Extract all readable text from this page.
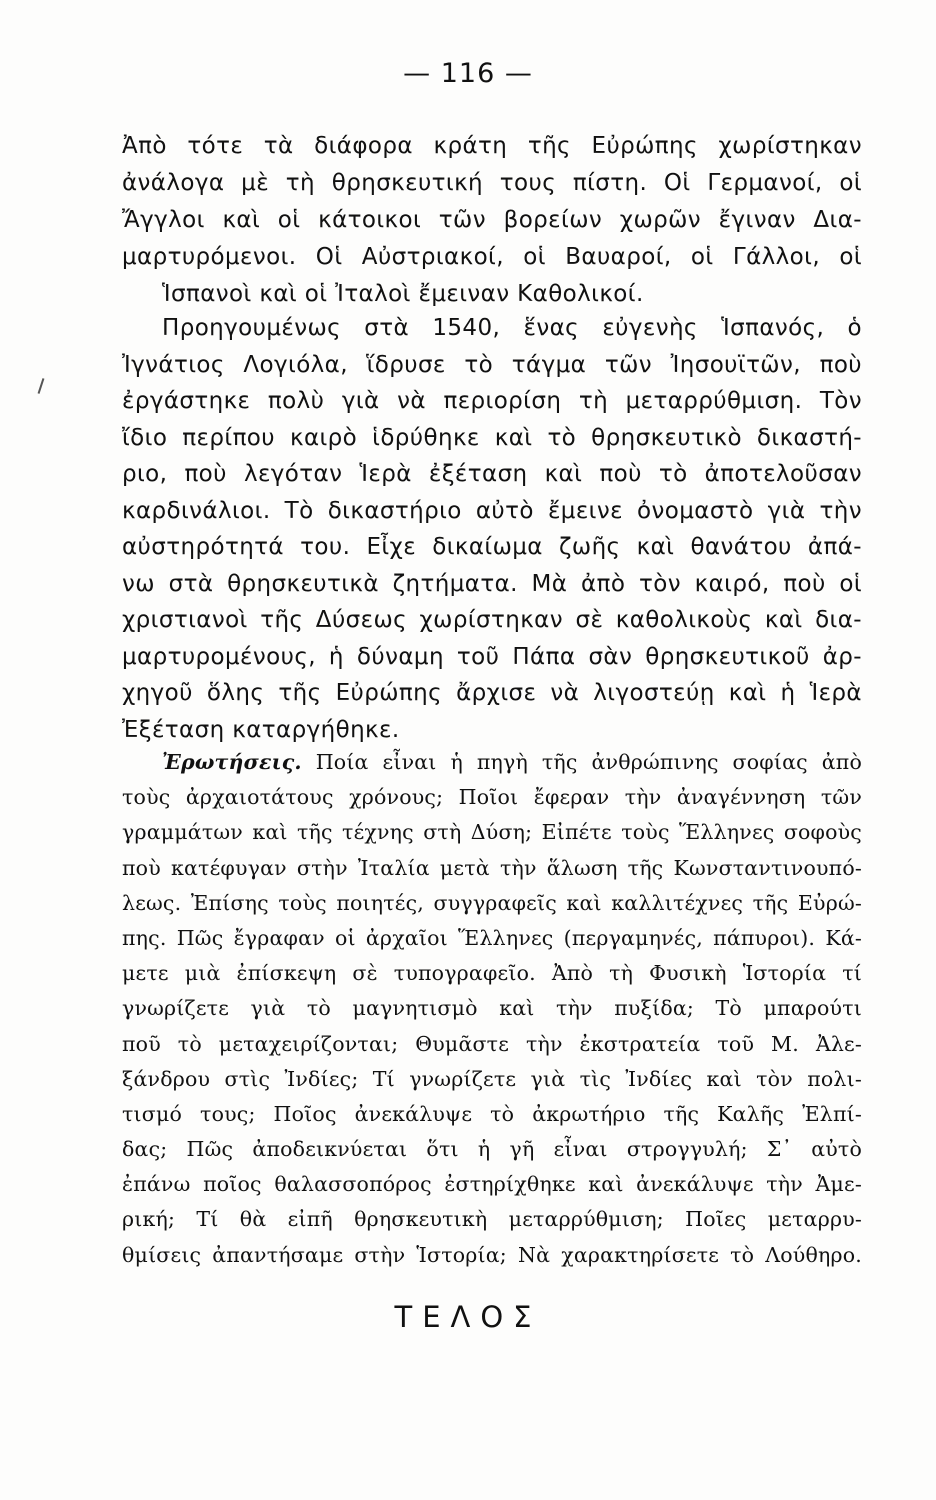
— 116 —
Ἀπὸ τότε τὰ διάφορα κράτη τῆς Εὐρώπης χωρίστηκαν
ἀνάλογα μὲ τὴ θρησκευτική τους πίστη. Οἱ Γερμανοί, οἱ
Ἄγγλοι καὶ οἱ κάτοικοι τῶν βορείων χωρῶν ἔγιναν Δια-
μαρτυρόμενοι. Οἱ Αὐστριακοί, οἱ Βαυαροί, οἱ Γάλλοι, οἱ
Ἱσπανοὶ καὶ οἱ Ἰταλοὶ ἔμειναν Καθολικοί.
Προηγουμένως στὰ 1540, ἕνας εὐγενὴς Ἱσπανός, ὁ
Ἰγνάτιος Λογιόλα, ἵδρυσε τὸ τάγμα τῶν Ἰησουϊτῶν, ποὺ
ἐργάστηκε πολὺ γιὰ νὰ περιορίση τὴ μεταρρύθμιση. Τὸν
ἴδιο περίπου καιρὸ ἱδρύθηκε καὶ τὸ θρησκευτικὸ δικαστή-
ριο, ποὺ λεγόταν Ἱερὰ ἐξέταση καὶ ποὺ τὸ ἀποτελοῦσαν
καρδινάλιοι. Τὸ δικαστήριο αὐτὸ ἔμεινε ὀνομαστὸ γιὰ τὴν
αὐστηρότητά του. Εἶχε δικαίωμα ζωῆς καὶ θανάτου ἀπά-
νω στὰ θρησκευτικὰ ζητήματα. Μὰ ἀπὸ τὸν καιρό, ποὺ οἱ
χριστιανοὶ τῆς Δύσεως χωρίστηκαν σὲ καθολικοὺς καὶ δια-
μαρτυρομένους, ἡ δύναμη τοῦ Πάπα σὰν θρησκευτικοῦ ἀρ-
χηγοῦ ὅλης τῆς Εὐρώπης ἄρχισε νὰ λιγοστεύῃ καὶ ἡ Ἱερὰ
Ἐξέταση καταργήθηκε.
Ἐρωτήσεις. Ποία εἶναι ἡ πηγὴ τῆς ἀνθρώπινης σοφίας ἀπὸ
τοὺς ἀρχαιοτάτους χρόνους; Ποῖοι ἔφεραν τὴν ἀναγέννηση τῶν
γραμμάτων καὶ τῆς τέχνης στὴ Δύση; Εἰπέτε τοὺς Ἕλληνες σοφοὺς
ποὺ κατέφυγαν στὴν Ἰταλία μετὰ τὴν ἅλωση τῆς Κωνσταντινουπό-
λεως. Ἐπίσης τοὺς ποιητές, συγγραφεῖς καὶ καλλιτέχνες τῆς Εὐρώ-
πης. Πῶς ἔγραφαν οἱ ἀρχαῖοι Ἕλληνες (περγαμηνές, πάπυροι). Κά-
μετε μιὰ ἐπίσκεψη σὲ τυπογραφεῖο. Ἀπὸ τὴ Φυσικὴ Ἱστορία τί
γνωρίζετε γιὰ τὸ μαγνητισμὸ καὶ τὴν πυξίδα; Τὸ μπαρούτι
ποῦ τὸ μεταχειρίζονται; Θυμᾶστε τὴν ἐκστρατεία τοῦ Μ. Ἀλε-
ξάνδρου στὶς Ἰνδίες; Τί γνωρίζετε γιὰ τὶς Ἰνδίες καὶ τὸν πολι-
τισμό τους; Ποῖος ἀνεκάλυψε τὸ ἀκρωτήριο τῆς Καλῆς Ἐλπί-
δας; Πῶς ἀποδεικνύεται ὅτι ἡ γῆ εἶναι στρογγυλή; Σ᾿ αὐτὸ
ἐπάνω ποῖος θαλασσοπόρος ἐστηρίχθηκε καὶ ἀνεκάλυψε τὴν Ἀμε-
ρική; Τί θὰ εἰπῆ θρησκευτικὴ μεταρρύθμιση; Ποῖες μεταρρυ-
θμίσεις ἀπαντήσαμε στὴν Ἱστορία; Νὰ χαρακτηρίσετε τὸ Λούθηρο.
ΤΕΛΟΣ
